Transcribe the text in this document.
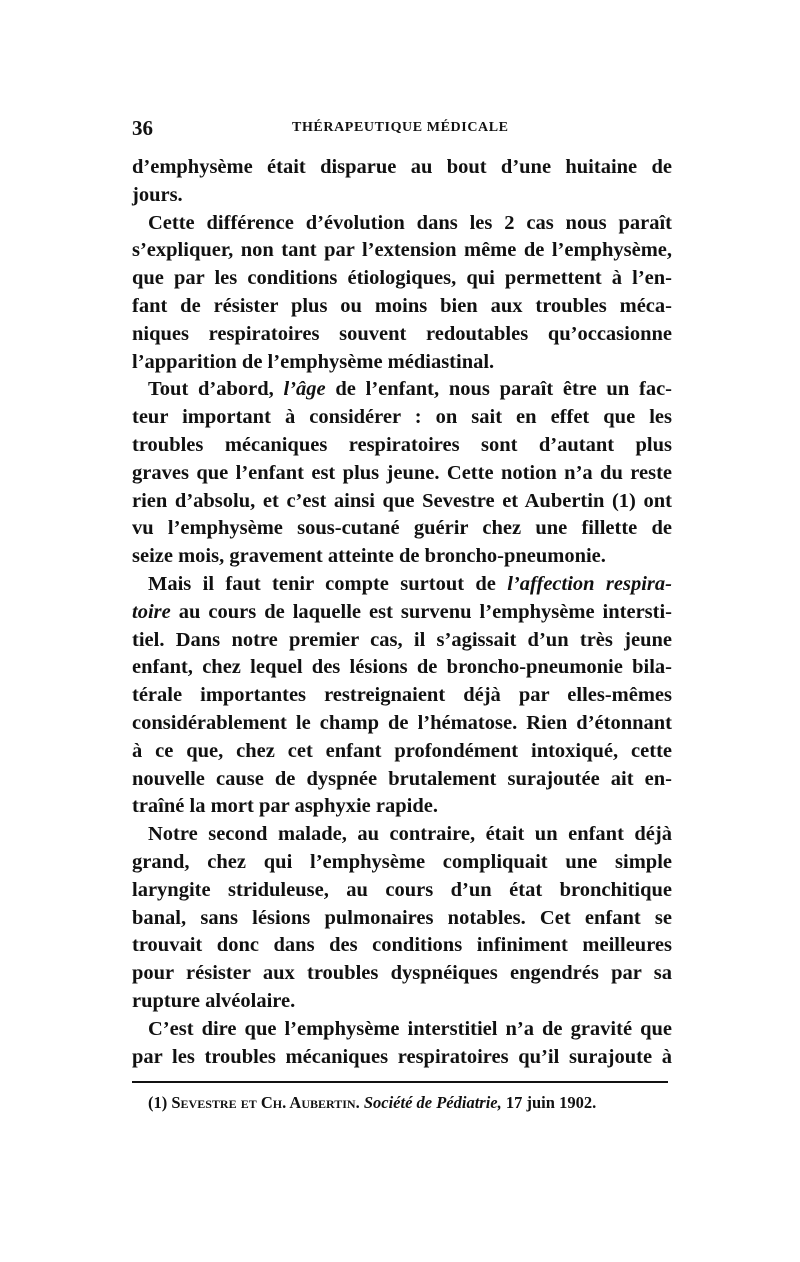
36	THÉRAPEUTIQUE MÉDICALE
d’emphysème était disparue au bout d’une huitaine de
jours.
Cette différence d’évolution dans les 2 cas nous paraît
s’expliquer, non tant par l’extension même de l’emphysème,
que par les conditions étiologiques, qui permettent à l’en-
fant de résister plus ou moins bien aux troubles méca-
niques respiratoires souvent redoutables qu’occasionne
l’apparition de l’emphysème médiastinal.
Tout d’abord, l’âge de l’enfant, nous paraît être un fac-
teur important à considérer : on sait en effet que les
troubles mécaniques respiratoires sont d’autant plus
graves que l’enfant est plus jeune. Cette notion n’a du reste
rien d’absolu, et c’est ainsi que Sevestre et Aubertin (1) ont
vu l’emphysème sous-cutané guérir chez une fillette de
seize mois, gravement atteinte de broncho-pneumonie.
Mais il faut tenir compte surtout de l’affection respira-
toire au cours de laquelle est survenu l’emphysème intersti-
tiel. Dans notre premier cas, il s’agissait d’un très jeune
enfant, chez lequel des lésions de broncho-pneumonie bila-
térale importantes restreignaient déjà par elles-mêmes
considérablement le champ de l’hématose. Rien d’étonnant
à ce que, chez cet enfant profondément intoxiqué, cette
nouvelle cause de dyspnée brutalement surajoutée ait en-
traîné la mort par asphyxie rapide.
Notre second malade, au contraire, était un enfant déjà
grand, chez qui l’emphysème compliquait une simple
laryngite striduleuse, au cours d’un état bronchitique
banal, sans lésions pulmonaires notables. Cet enfant se
trouvait donc dans des conditions infiniment meilleures
pour résister aux troubles dyspnéiques engendrés par sa
rupture alvéolaire.
C’est dire que l’emphysème interstitiel n’a de gravité que
par les troubles mécaniques respiratoires qu’il surajoute à
(1) Sevestre et Ch. Aubertin. Société de Pédiatrie, 17 juin 1902.
